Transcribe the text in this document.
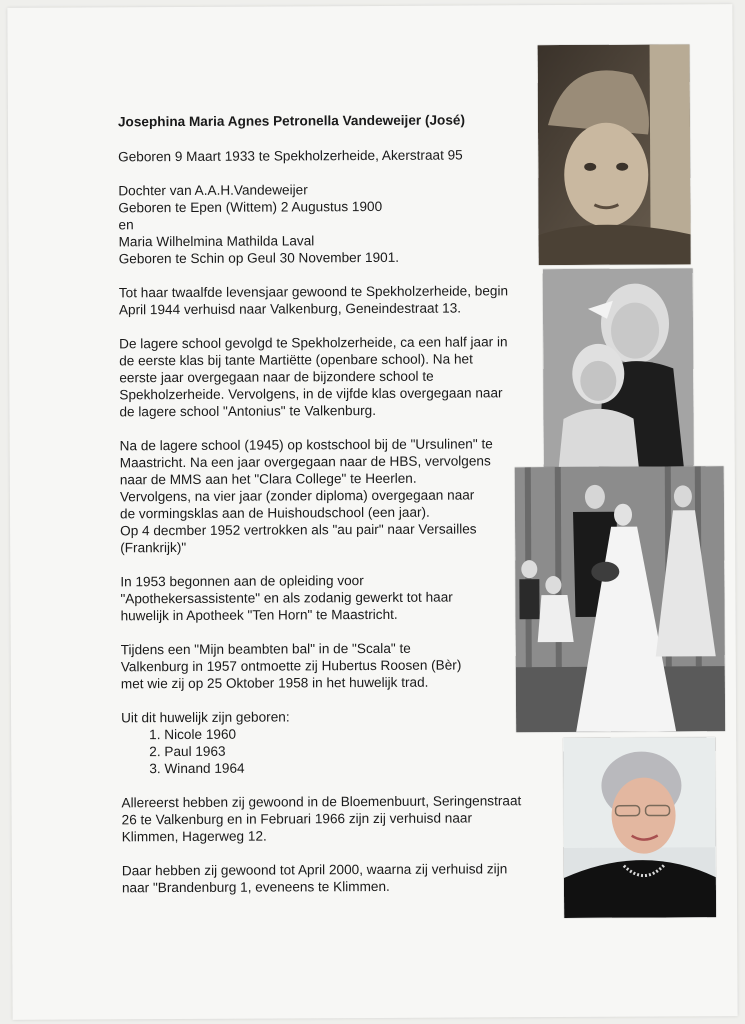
Josephina Maria Agnes Petronella Vandeweijer (José)
Geboren 9 Maart 1933 te Spekholzerheide, Akerstraat 95
Dochter van A.A.H.Vandeweijer
Geboren te Epen (Wittem) 2 Augustus 1900
en
Maria Wilhelmina Mathilda Laval
Geboren te Schin op Geul 30 November 1901.
Tot haar twaalfde levensjaar gewoond te Spekholzerheide, begin
April 1944 verhuisd naar Valkenburg, Geneindestraat 13.
De lagere school gevolgd te Spekholzerheide, ca een half jaar in
de eerste klas bij tante Martiëtte (openbare school). Na het
eerste jaar overgegaan naar de bijzondere school te
Spekholzerheide. Vervolgens, in de vijfde klas overgegaan naar
de lagere school "Antonius" te Valkenburg.
Na de lagere school (1945) op kostschool bij de "Ursulinen" te
Maastricht. Na een jaar overgegaan naar de HBS, vervolgens
naar de MMS aan het "Clara College" te Heerlen.
Vervolgens, na vier jaar (zonder diploma) overgegaan naar
de vormingsklas aan de Huishoudschool (een jaar).
Op 4 decmber 1952 vertrokken als "au pair" naar Versailles
(Frankrijk)"
In 1953 begonnen aan de opleiding voor
"Apothekersassistente" en als zodanig gewerkt tot haar
huwelijk in Apotheek "Ten Horn" te Maastricht.
Tijdens een "Mijn beambten bal" in de "Scala" te
Valkenburg in 1957 ontmoette zij Hubertus Roosen (Bèr)
met wie zij op 25 Oktober 1958 in het huwelijk trad.
Uit dit huwelijk zijn geboren:
1. Nicole 1960
2. Paul 1963
3. Winand 1964
Allereerst hebben zij gewoond in de Bloemenbuurt, Seringenstraat
26 te Valkenburg en in Februari 1966 zijn zij verhuisd naar
Klimmen, Hagerweg 12.
Daar hebben zij gewoond tot April 2000, waarna zij verhuisd zijn
naar "Brandenburg 1, eveneens te Klimmen.
